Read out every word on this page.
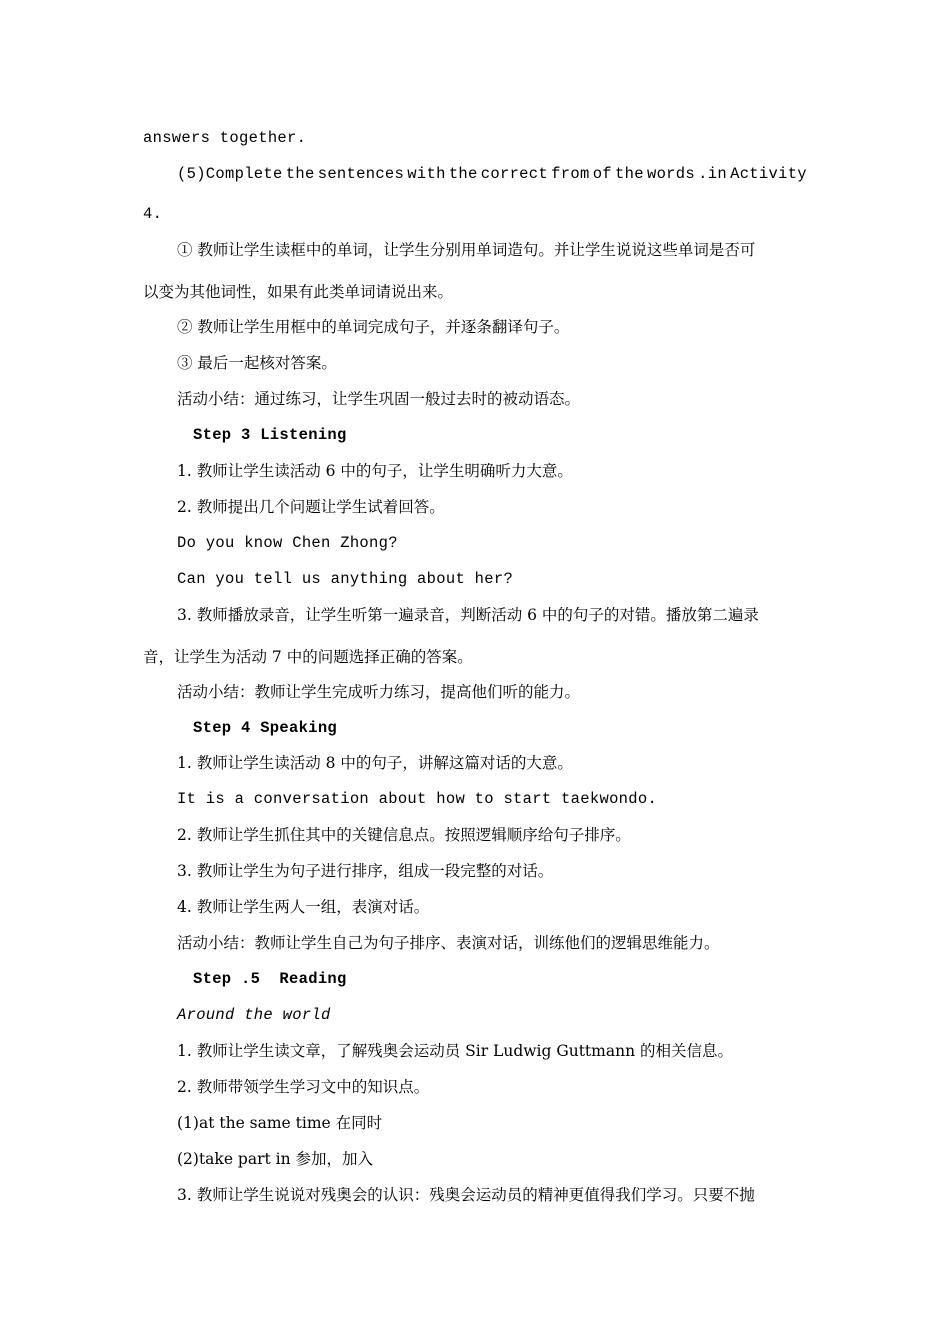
answers together.
(5)Complete the sentences with the correct from of the words .in Activity
4.
① 教师让学生读框中的单词，让学生分别用单词造句。并让学生说说这些单词是否可
以变为其他词性，如果有此类单词请说出来。
② 教师让学生用框中的单词完成句子，并逐条翻译句子。
③ 最后一起核对答案。
活动小结：通过练习，让学生巩固一般过去时的被动语态。
Step 3 Listening
1. 教师让学生读活动 6 中的句子，让学生明确听力大意。
2. 教师提出几个问题让学生试着回答。
Do you know Chen Zhong?
Can you tell us anything about her?
3. 教师播放录音，让学生听第一遍录音，判断活动 6 中的句子的对错。播放第二遍录
音，让学生为活动 7 中的问题选择正确的答案。
活动小结：教师让学生完成听力练习，提高他们听的能力。
Step 4 Speaking
1. 教师让学生读活动 8 中的句子，讲解这篇对话的大意。
It is a conversation about how to start taekwondo.
2. 教师让学生抓住其中的关键信息点。按照逻辑顺序给句子排序。
3. 教师让学生为句子进行排序，组成一段完整的对话。
4. 教师让学生两人一组，表演对话。
活动小结：教师让学生自己为句子排序、表演对话，训练他们的逻辑思维能力。
Step .5  Reading
Around the world
1. 教师让学生读文章，了解残奥会运动员 Sir Ludwig Guttmann 的相关信息。
2. 教师带领学生学习文中的知识点。
(1)at the same time 在同时
(2)take part in 参加，加入
3. 教师让学生说说对残奥会的认识：残奥会运动员的精神更值得我们学习。只要不抛
